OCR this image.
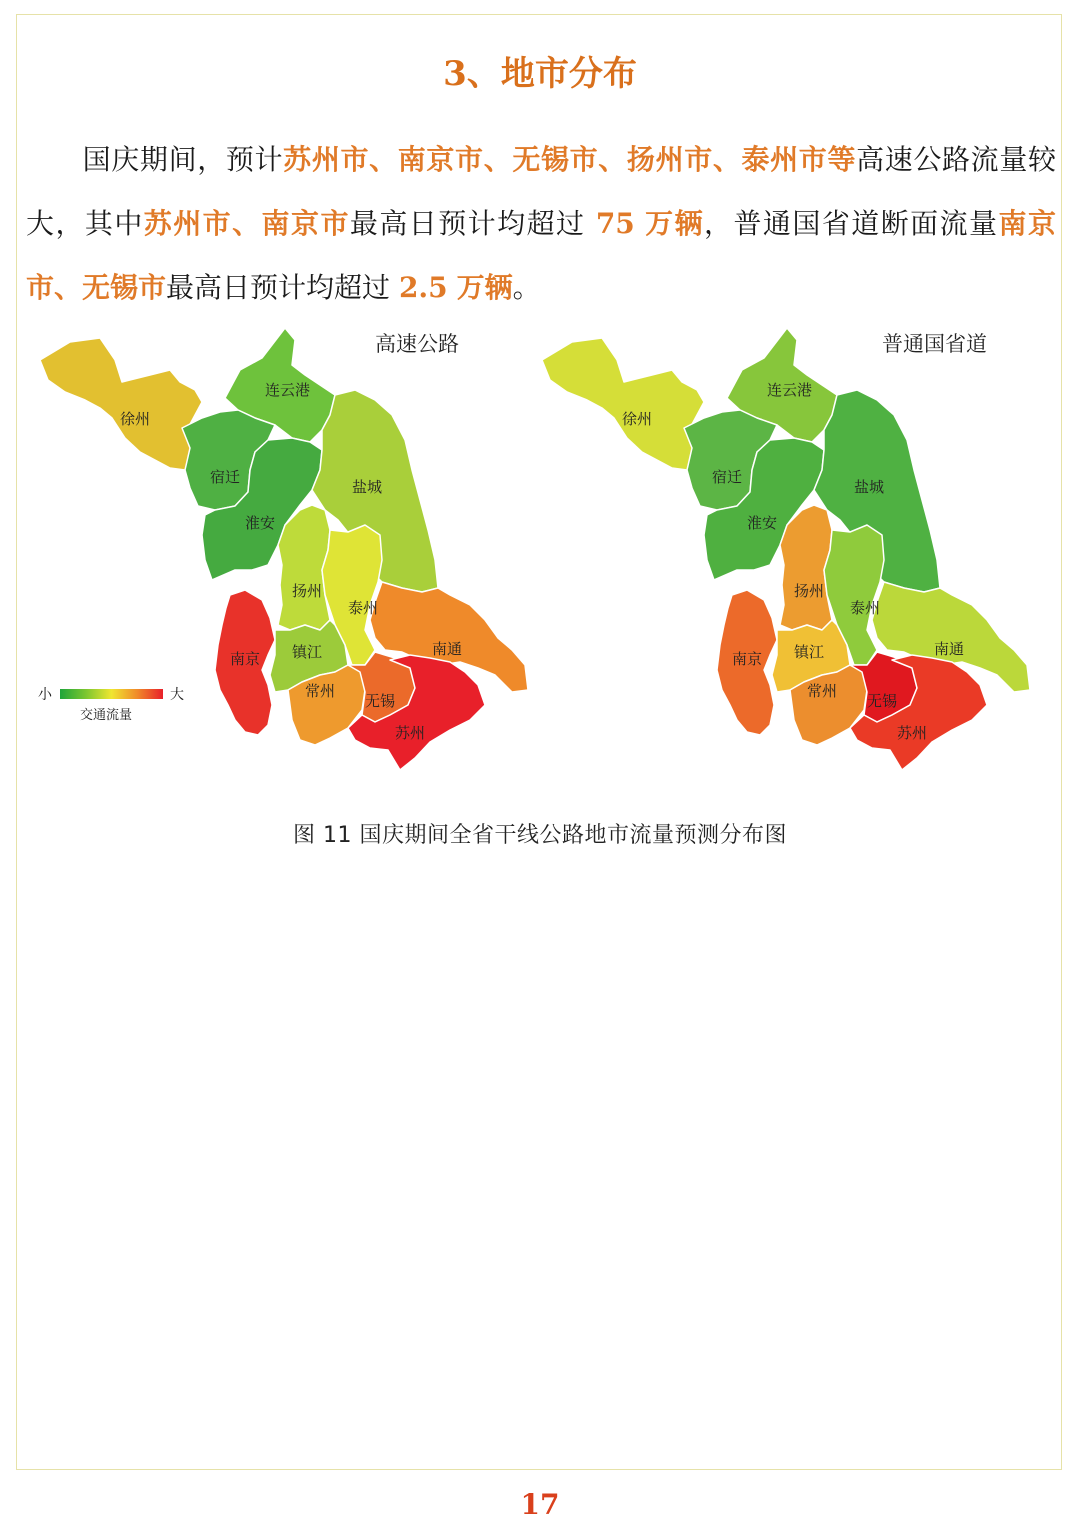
3、地市分布
国庆期间，预计苏州市、南京市、无锡市、扬州市、泰州市等高速公路流量较大，其中苏州市、南京市最高日预计均超过 75 万辆，普通国省道断面流量南京市、无锡市最高日预计均超过 2.5 万辆。
徐州
连云港
宿迁
淮安
盐城
扬州
泰州
南通
南京 镇江
常州
无锡
苏州
高速公路
徐州
连云港
宿迁
淮安
盐城
扬州
泰州
南通
南京 镇江
常州
无锡
苏州
普通国省道
小	大
交通流量
图 11 国庆期间全省干线公路地市流量预测分布图
17
